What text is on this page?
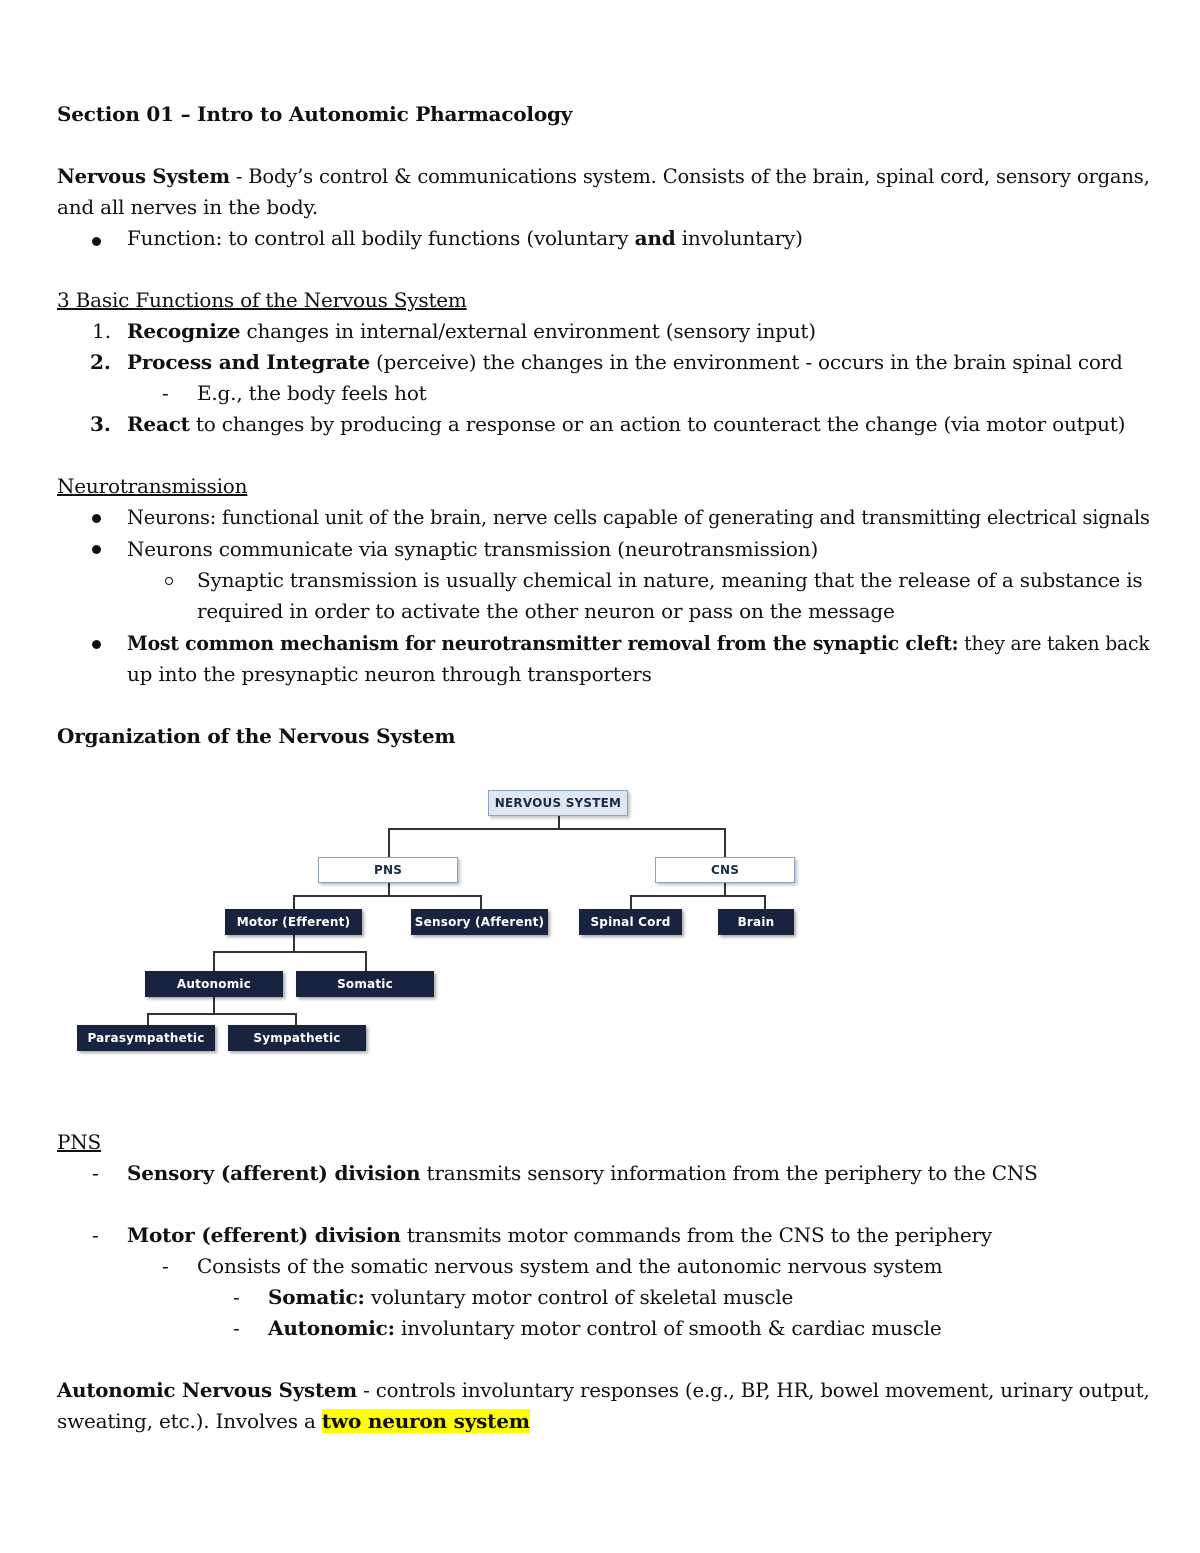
Section 01 – Intro to Autonomic Pharmacology
Nervous System - Body’s control & communications system. Consists of the brain, spinal cord, sensory organs,
and all nerves in the body.
Function: to control all bodily functions (voluntary and involuntary)
3 Basic Functions of the Nervous System
1. Recognize changes in internal/external environment (sensory input)
2. Process and Integrate (perceive) the changes in the environment - occurs in the brain spinal cord
- E.g., the body feels hot
3. React to changes by producing a response or an action to counteract the change (via motor output)
Neurotransmission
Neurons: functional unit of the brain, nerve cells capable of generating and transmitting electrical signals
Neurons communicate via synaptic transmission (neurotransmission)
Synaptic transmission is usually chemical in nature, meaning that the release of a substance is
required in order to activate the other neuron or pass on the message
Most common mechanism for neurotransmitter removal from the synaptic cleft: they are taken back
up into the presynaptic neuron through transporters
Organization of the Nervous System
NERVOUS SYSTEM
PNS	CNS
Motor (Efferent)	Sensory (Afferent)	Spinal Cord	Brain
Autonomic	Somatic
Parasympathetic	Sympathetic
PNS
- Sensory (afferent) division transmits sensory information from the periphery to the CNS
- Motor (efferent) division transmits motor commands from the CNS to the periphery
- Consists of the somatic nervous system and the autonomic nervous system
- Somatic: voluntary motor control of skeletal muscle
- Autonomic: involuntary motor control of smooth & cardiac muscle
Autonomic Nervous System - controls involuntary responses (e.g., BP, HR, bowel movement, urinary output,
sweating, etc.). Involves a two neuron system
